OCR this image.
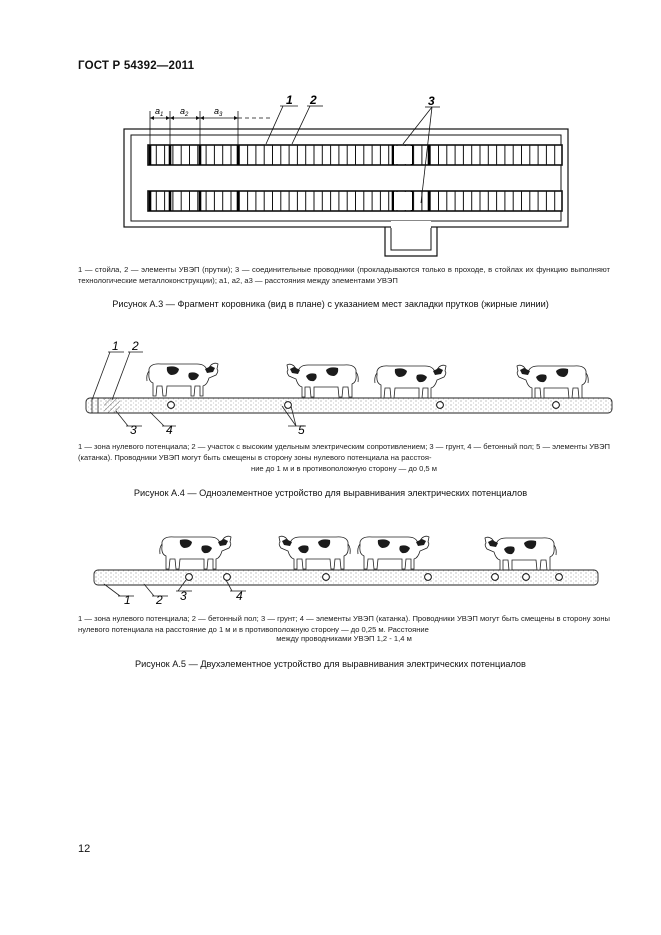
ГОСТ Р 54392—2011
$a_1$ $a_2$	$a_3$
1 2	3
1 — стойла, 2 — элементы УВЭП (прутки); 3 — соединительные проводники (прокладываются только в проходе, в стойлах их функцию выполняют технологические металлоконструкции); a1, a2, a3 — расстояния между элементами УВЭП
Рисунок А.3 — Фрагмент коровника (вид в плане) с указанием мест закладки прутков (жирные линии)
1 2
3 4	5
1 — зона нулевого потенциала; 2 — участок с высоким удельным электрическим сопротивлением; 3 — грунт, 4 — бетонный пол; 5 — элементы УВЭП (катанка). Проводники УВЭП могут быть смещены в сторону зоны нулевого потенциала на расстоя-
ние до 1 м и в противоположную сторону — до 0,5 м
Рисунок А.4 — Одноэлементное устройство для выравнивания электрических потенциалов
1 2 3	4
1 — зона нулевого потенциала; 2 — бетонный пол; 3 — грунт; 4 — элементы УВЭП (катанка). Проводники УВЭП могут быть смещены в сторону зоны нулевого потенциала на расстояние до 1 м и в противоположную сторону — до 0,25 м. Расстояние
между проводниками УВЭП 1,2 - 1,4 м
Рисунок А.5 — Двухэлементное устройство для выравнивания электрических потенциалов
12
